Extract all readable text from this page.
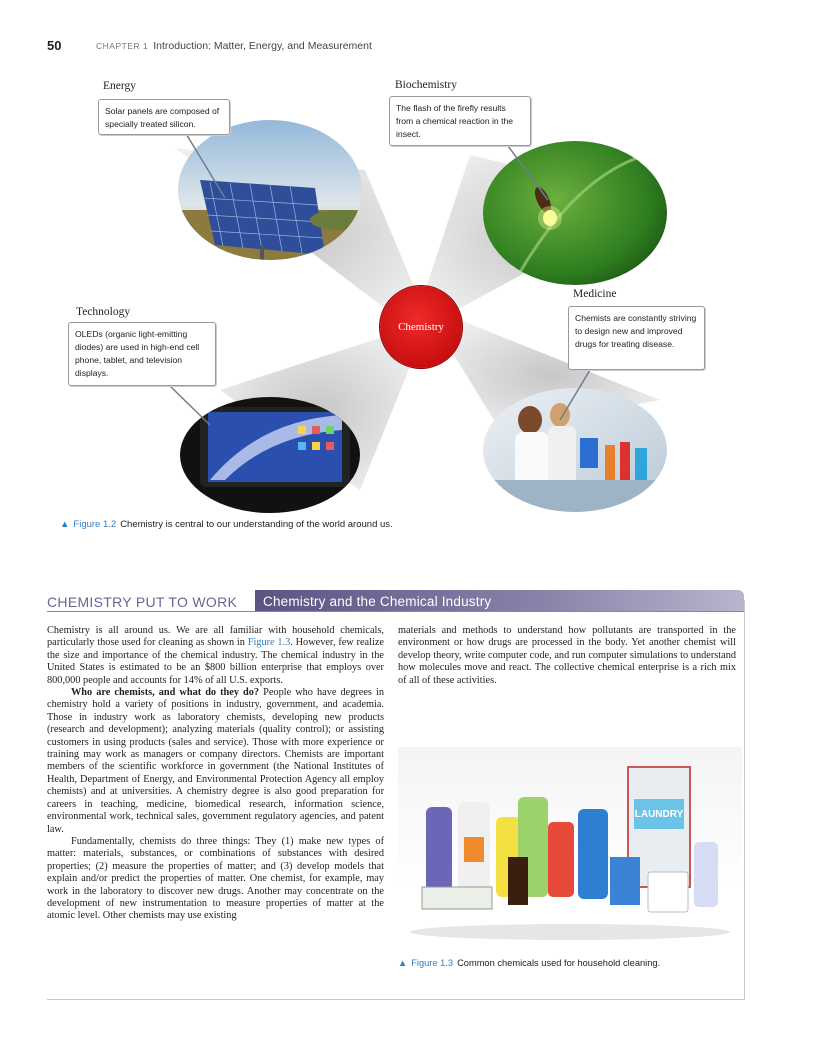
50	CHAPTER 1 Introduction: Matter, Energy, and Measurement
Energy	Biochemistry
Technology
Medicine
Solar panels are composed of specially treated silicon.
The flash of the firefly results from a chemical reaction in the insect.
OLEDs (organic light-emitting diodes) are used in high-end cell phone, tablet, and television displays.
Chemists are constantly striving to design new and improved drugs for treating disease.
Chemistry
▲ Figure 1.2 Chemistry is central to our understanding of the world around us.
CHEMISTRY PUT TO WORK	Chemistry and the Chemical Industry

Chemistry is all around us. We are all familiar with household chemicals, particularly those used for cleaning as shown in Figure 1.3. However, few realize the size and importance of the chemical industry. The chemical industry in the United States is estimated to be an $800 billion enterprise that employs over 800,000 people and accounts for 14% of all U.S. exports.

Who are chemists, and what do they do? People who have degrees in chemistry hold a variety of positions in industry, government, and academia. Those in industry work as laboratory chemists, developing new products (research and development); analyzing materials (quality control); or assisting customers in using products (sales and service). Those with more experience or training may work as managers or company directors. Chemists are important members of the scientific workforce in government (the National Institutes of Health, Department of Energy, and Environmental Protection Agency all employ chemists) and at universities. A chemistry degree is also good preparation for careers in teaching, medicine, biomedical research, information science, environmental work, technical sales, government regulatory agencies, and patent law.

Fundamentally, chemists do three things: They (1) make new types of matter: materials, substances, or combinations of substances with desired properties; (2) measure the properties of matter; and (3) develop models that explain and/or predict the properties of matter. One chemist, for example, may work in the laboratory to discover new drugs. Another may concentrate on the development of new instrumentation to measure properties of matter at the atomic level. Other chemists may use existing

materials and methods to understand how pollutants are transported in the environment or how drugs are processed in the body. Yet another chemist will develop theory, write computer code, and run computer simulations to understand how molecules move and react. The collective chemical enterprise is a rich mix of all of these activities.

LAUNDRY
▲ Figure 1.3 Common chemicals used for household cleaning.
